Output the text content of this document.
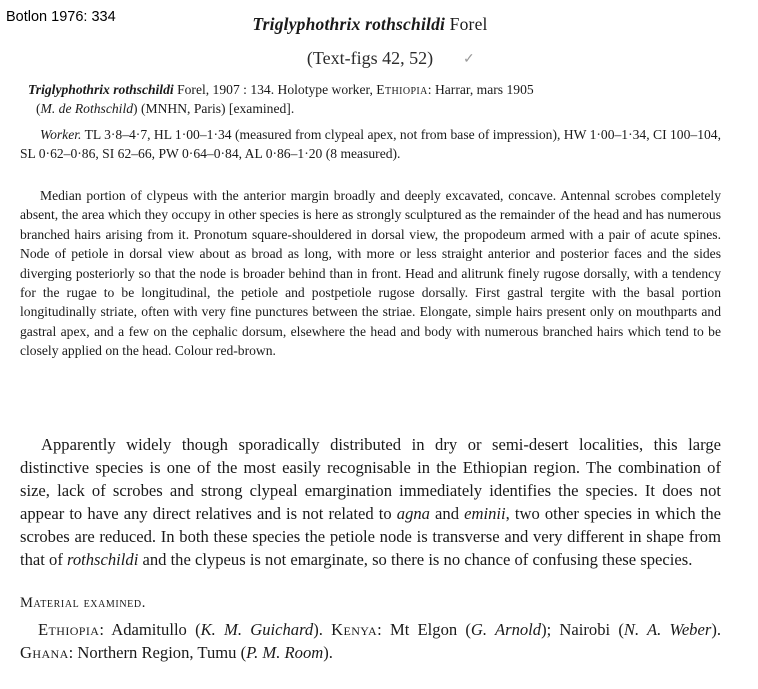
Botlon 1976: 334	Triglyphothrix rothschildi Forel
(Text-figs 42, 52)	✓

Triglyphothrix rothschildi Forel, 1907 : 134. Holotype worker, Ethiopia: Harrar, mars 1905
(M. de Rothschild) (MNHN, Paris) [examined].

Worker. TL 3·8–4·7, HL 1·00–1·34 (measured from clypeal apex, not from base of impression), HW 1·00–1·34, CI 100–104, SL 0·62–0·86, SI 62–66, PW 0·64–0·84, AL 0·86–1·20 (8 measured).

Median portion of clypeus with the anterior margin broadly and deeply excavated, concave. Antennal scrobes completely absent, the area which they occupy in other species is here as strongly sculptured as the remainder of the head and has numerous branched hairs arising from it. Pronotum square-shouldered in dorsal view, the propodeum armed with a pair of acute spines. Node of petiole in dorsal view about as broad as long, with more or less straight anterior and posterior faces and the sides diverging posteriorly so that the node is broader behind than in front. Head and alitrunk finely rugose dorsally, with a tendency for the rugae to be longitudinal, the petiole and postpetiole rugose dorsally. First gastral tergite with the basal portion longitudinally striate, often with very fine punctures between the striae. Elongate, simple hairs present only on mouthparts and gastral apex, and a few on the cephalic dorsum, elsewhere the head and body with numerous branched hairs which tend to be closely applied on the head. Colour red-brown.

Apparently widely though sporadically distributed in dry or semi-desert localities, this large distinctive species is one of the most easily recognisable in the Ethiopian region. The combination of size, lack of scrobes and strong clypeal emargination immediately identifies the species. It does not appear to have any direct relatives and is not related to agna and eminii, two other species in which the scrobes are reduced. In both these species the petiole node is transverse and very different in shape from that of rothschildi and the clypeus is not emarginate, so there is no chance of confusing these species.

Material examined.

Ethiopia: Adamitullo (K. M. Guichard). Kenya: Mt Elgon (G. Arnold); Nairobi (N. A. Weber). Ghana: Northern Region, Tumu (P. M. Room).
